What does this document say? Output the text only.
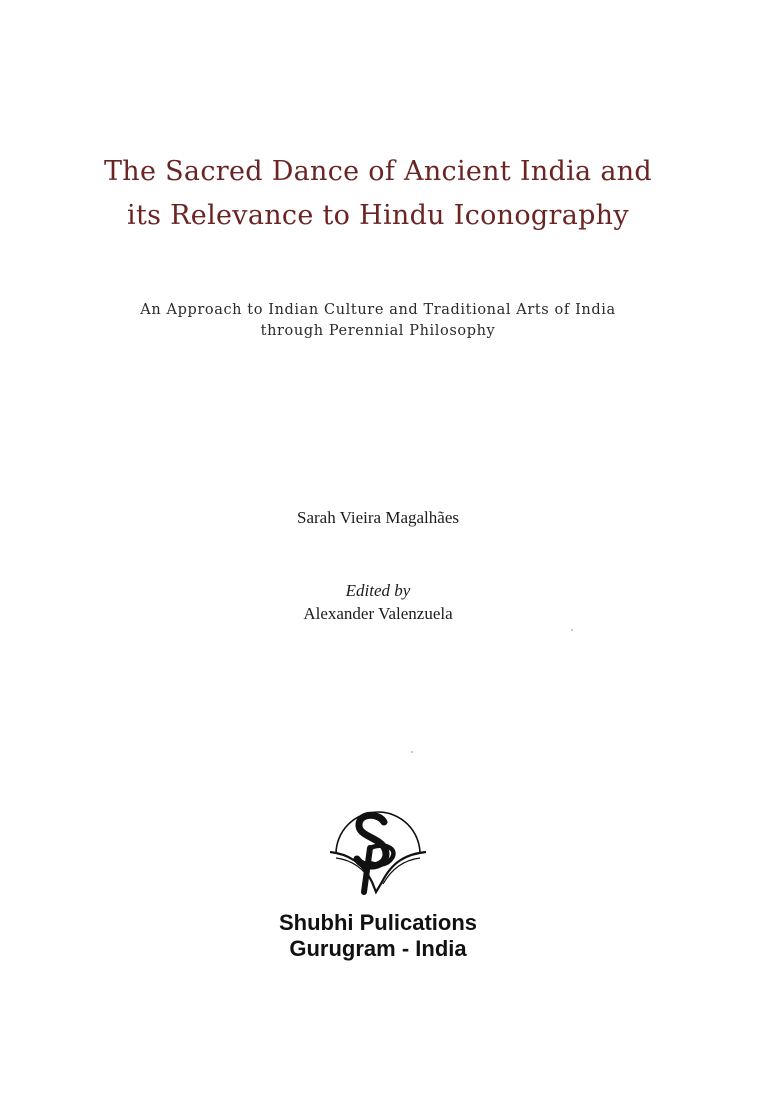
The Sacred Dance of Ancient India and
its Relevance to Hindu Iconography
An Approach to Indian Culture and Traditional Arts of India
through Perennial Philosophy
Sarah Vieira Magalhães
Edited by
Alexander Valenzuela
Shubhi Pulications
Gurugram - India
